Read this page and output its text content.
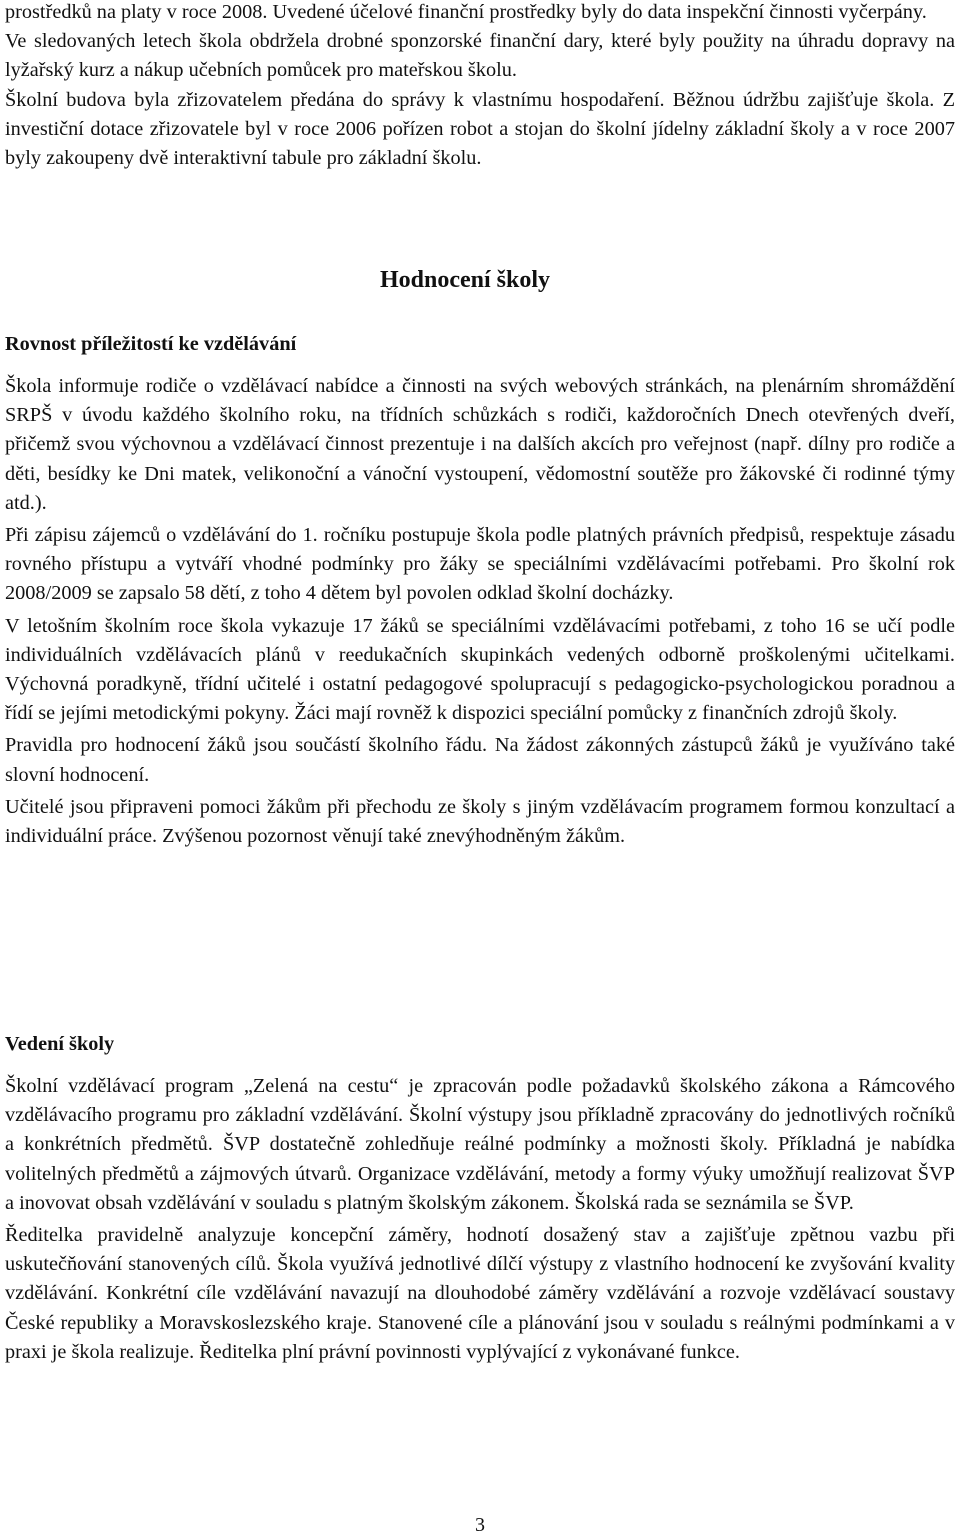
prostředků na platy v roce 2008. Uvedené účelové finanční prostředky byly do data inspekční činnosti vyčerpány.

Ve sledovaných letech škola obdržela drobné sponzorské finanční dary, které byly použity na úhradu dopravy na lyžařský kurz a nákup učebních pomůcek pro mateřskou školu.

Školní budova byla zřizovatelem předána do správy k vlastnímu hospodaření. Běžnou údržbu zajišťuje škola. Z investiční dotace zřizovatele byl v roce 2006 pořízen robot a stojan do školní jídelny základní školy a v roce 2007 byly zakoupeny dvě interaktivní tabule pro základní školu.

Hodnocení školy
Rovnost příležitostí ke vzdělávání

Škola informuje rodiče o vzdělávací nabídce a činnosti na svých webových stránkách, na plenárním shromáždění SRPŠ v úvodu každého školního roku, na třídních schůzkách s rodiči, každoročních Dnech otevřených dveří, přičemž svou výchovnou a vzdělávací činnost prezentuje i na dalších akcích pro veřejnost (např. dílny pro rodiče a děti, besídky ke Dni matek, velikonoční a vánoční vystoupení, vědomostní soutěže pro žákovské či rodinné týmy atd.).

Při zápisu zájemců o vzdělávání do 1. ročníku postupuje škola podle platných právních předpisů, respektuje zásadu rovného přístupu a vytváří vhodné podmínky pro žáky se speciálními vzdělávacími potřebami. Pro školní rok 2008/2009 se zapsalo 58 dětí, z toho 4 dětem byl povolen odklad školní docházky.

V letošním školním roce škola vykazuje 17 žáků se speciálními vzdělávacími potřebami, z toho 16 se učí podle individuálních vzdělávacích plánů v reedukačních skupinkách vedených odborně proškolenými učitelkami. Výchovná poradkyně, třídní učitelé i ostatní pedagogové spolupracují s pedagogicko-psychologickou poradnou a řídí se jejími metodickými pokyny. Žáci mají rovněž k dispozici speciální pomůcky z finančních zdrojů školy.

Pravidla pro hodnocení žáků jsou součástí školního řádu. Na žádost zákonných zástupců žáků je využíváno také slovní hodnocení.

Učitelé jsou připraveni pomoci žákům při přechodu ze školy s jiným vzdělávacím programem formou konzultací a individuální práce. Zvýšenou pozornost věnují také znevýhodněným žákům.

Vedení školy

Školní vzdělávací program „Zelená na cestu“ je zpracován podle požadavků školského zákona a Rámcového vzdělávacího programu pro základní vzdělávání. Školní výstupy jsou příkladně zpracovány do jednotlivých ročníků a konkrétních předmětů. ŠVP dostatečně zohledňuje reálné podmínky a možnosti školy. Příkladná je nabídka volitelných předmětů a zájmových útvarů. Organizace vzdělávání, metody a formy výuky umožňují realizovat ŠVP a inovovat obsah vzdělávání v souladu s platným školským zákonem. Školská rada se seznámila se ŠVP.

Ředitelka pravidelně analyzuje koncepční záměry, hodnotí dosažený stav a zajišťuje zpětnou vazbu při uskutečňování stanovených cílů. Škola využívá jednotlivé dílčí výstupy z vlastního hodnocení ke zvyšování kvality vzdělávání. Konkrétní cíle vzdělávání navazují na dlouhodobé záměry vzdělávání a rozvoje vzdělávací soustavy České republiky a Moravskoslezského kraje. Stanovené cíle a plánování jsou v souladu s reálnými podmínkami a v praxi je škola realizuje. Ředitelka plní právní povinnosti vyplývající z vykonávané funkce.

3
